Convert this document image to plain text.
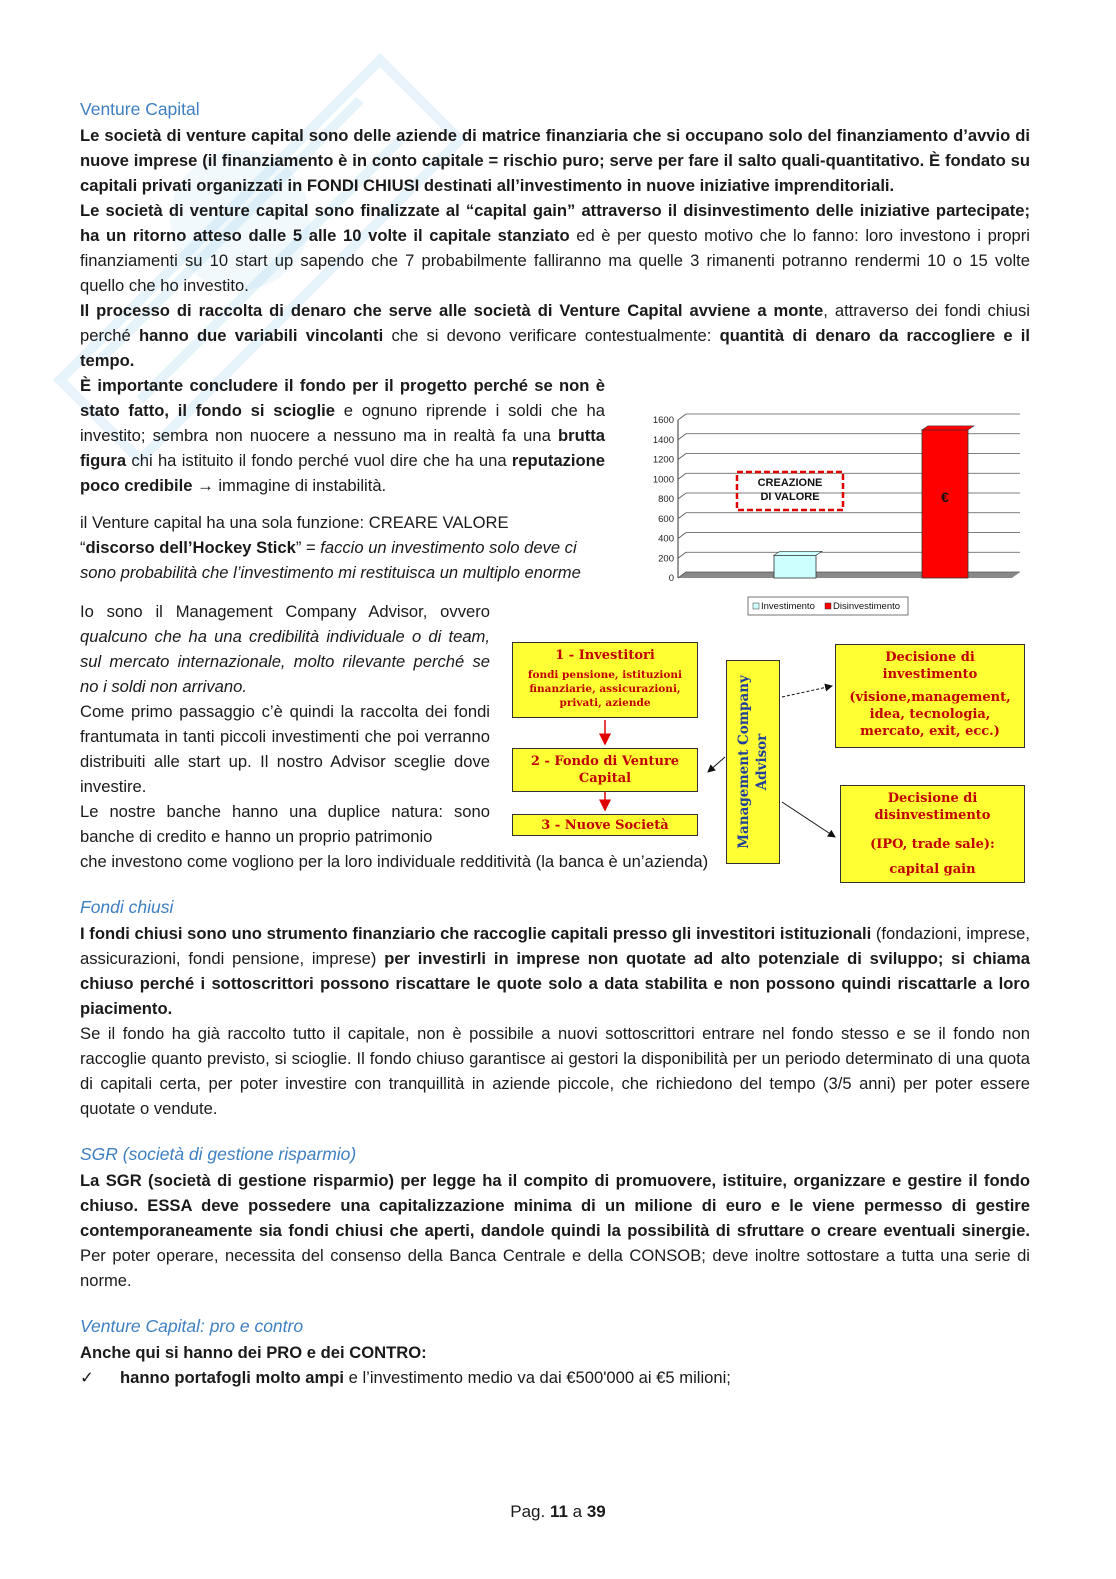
Venture Capital

Le società di venture capital sono delle aziende di matrice finanziaria che si occupano solo del finanziamento d’avvio di nuove imprese (il finanziamento è in conto capitale = rischio puro; serve per fare il salto quali-quantitativo. È fondato su capitali privati organizzati in FONDI CHIUSI destinati all’investimento in nuove iniziative imprenditoriali.

Le società di venture capital sono finalizzate al “capital gain” attraverso il disinvestimento delle iniziative partecipate; ha un ritorno atteso dalle 5 alle 10 volte il capitale stanziato ed è per questo motivo che lo fanno: loro investono i propri finanziamenti su 10 start up sapendo che 7 probabilmente falliranno ma quelle 3 rimanenti potranno rendermi 10 o 15 volte quello che ho investito.

Il processo di raccolta di denaro che serve alle società di Venture Capital avviene a monte, attraverso dei fondi chiusi perché hanno due variabili vincolanti che si devono verificare contestualmente: quantità di denaro da raccogliere e il tempo.

È importante concludere il fondo per il progetto perché se non è stato fatto, il fondo si scioglie e ognuno riprende i soldi che ha investito; sembra non nuocere a nessuno ma in realtà fa una brutta figura chi ha istituito il fondo perché vuol dire che ha una reputazione poco credibile → immagine di instabilità.

il Venture capital ha una sola funzione: CREARE VALORE
“discorso dell’Hockey Stick” = faccio un investimento solo deve ci sono probabilità che l’investimento mi restituisca un multiplo enorme

Io sono il Management Company Advisor, ovvero qualcuno che ha una credibilità individuale o di team, sul mercato internazionale, molto rilevante perché se no i soldi non arrivano.

Come primo passaggio c’è quindi la raccolta dei fondi frantumata in tanti piccoli investimenti che poi verranno distribuiti alle start up. Il nostro Advisor sceglie dove investire.

Le nostre banche hanno una duplice natura: sono banche di credito e hanno un proprio patrimonio

che investono come vogliono per la loro individuale redditività (la banca è un’azienda)

Fondi chiusi

I fondi chiusi sono uno strumento finanziario che raccoglie capitali presso gli investitori istituzionali (fondazioni, imprese, assicurazioni, fondi pensione, imprese) per investirli in imprese non quotate ad alto potenziale di sviluppo; si chiama chiuso perché i sottoscrittori possono riscattare le quote solo a data stabilita e non possono quindi riscattarle a loro piacimento.

Se il fondo ha già raccolto tutto il capitale, non è possibile a nuovi sottoscrittori entrare nel fondo stesso e se il fondo non raccoglie quanto previsto, si scioglie. Il fondo chiuso garantisce ai gestori la disponibilità per un periodo determinato di una quota di capitali certa, per poter investire con tranquillità in aziende piccole, che richiedono del tempo (3/5 anni) per poter essere quotate o vendute.

SGR (società di gestione risparmio)

La SGR (società di gestione risparmio) per legge ha il compito di promuovere, istituire, organizzare e gestire il fondo chiuso. ESSA deve possedere una capitalizzazione minima di un milione di euro e le viene permesso di gestire contemporaneamente sia fondi chiusi che aperti, dandole quindi la possibilità di sfruttare o creare eventuali sinergie. Per poter operare, necessita del consenso della Banca Centrale e della CONSOB; deve inoltre sottostare a tutta una serie di norme.

Venture Capital: pro e contro

Anche qui si hanno dei PRO e dei CONTRO:

✓ hanno portafogli molto ampi e l’investimento medio va dai €500'000 ai €5 milioni;

0
200
400
600
800
1000
1200
1400
1600
€
CREAZIONE
DI VALORE
Investimento Disinvestimento
1 - Investitori
fondi pensione, istituzioni finanziarie, assicurazioni, privati, aziende
2 - Fondo di Venture Capital
3 - Nuove Società	Management Company Advisor
Decisione di investimento
(visione,management, idea, tecnologia, mercato, exit, ecc.)
Decisione di disinvestimento
(IPO, trade sale):
capital gain
Pag. 11 a 39
